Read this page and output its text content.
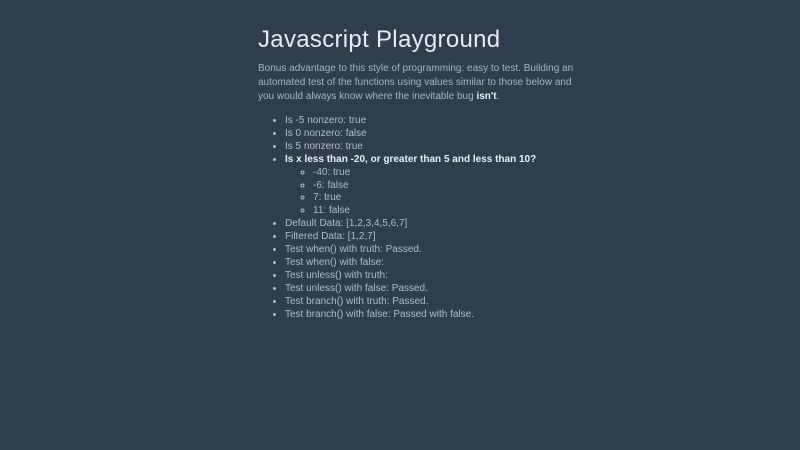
Javascript Playground

Bonus advantage to this style of programming: easy to test. Building an
automated test of the functions using values similar to those below and
you would always know where the inevitable bug isn't.

• Is -5 nonzero: true
• Is 0 nonzero: false
• Is 5 nonzero: true
• Is x less than -20, or greater than 5 and less than 10?
◦ -40: true
◦ -6: false
◦ 7: true
◦ 11: false
• Default Data: [1,2,3,4,5,6,7]
• Filtered Data: [1,2,7]
• Test when() with truth: Passed.
• Test when() with false:
• Test unless() with truth:
• Test unless() with false: Passed.
• Test branch() with truth: Passed.
• Test branch() with false: Passed with false.
